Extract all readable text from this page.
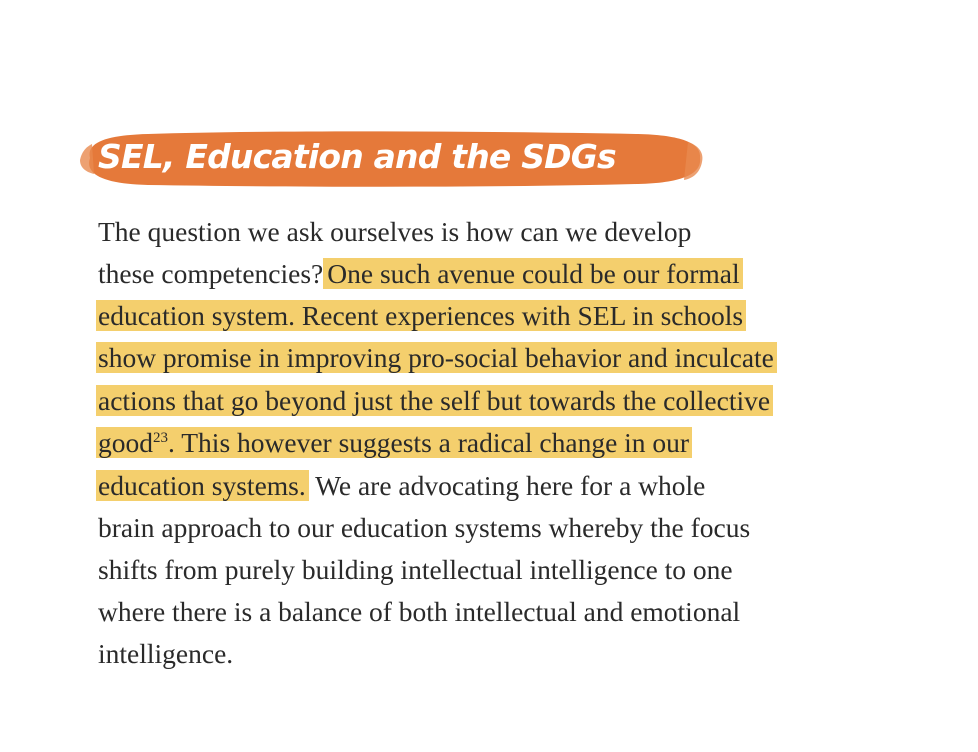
SEL, Education and the SDGs
The question we ask ourselves is how can we develop
these competencies? One such avenue could be our formal
education system. Recent experiences with SEL in schools
show promise in improving pro-social behavior and inculcate
actions that go beyond just the self but towards the collective
good$^{23}$. This however suggests a radical change in our
education systems. We are advocating here for a whole
brain approach to our education systems whereby the focus
shifts from purely building intellectual intelligence to one
where there is a balance of both intellectual and emotional
intelligence.
